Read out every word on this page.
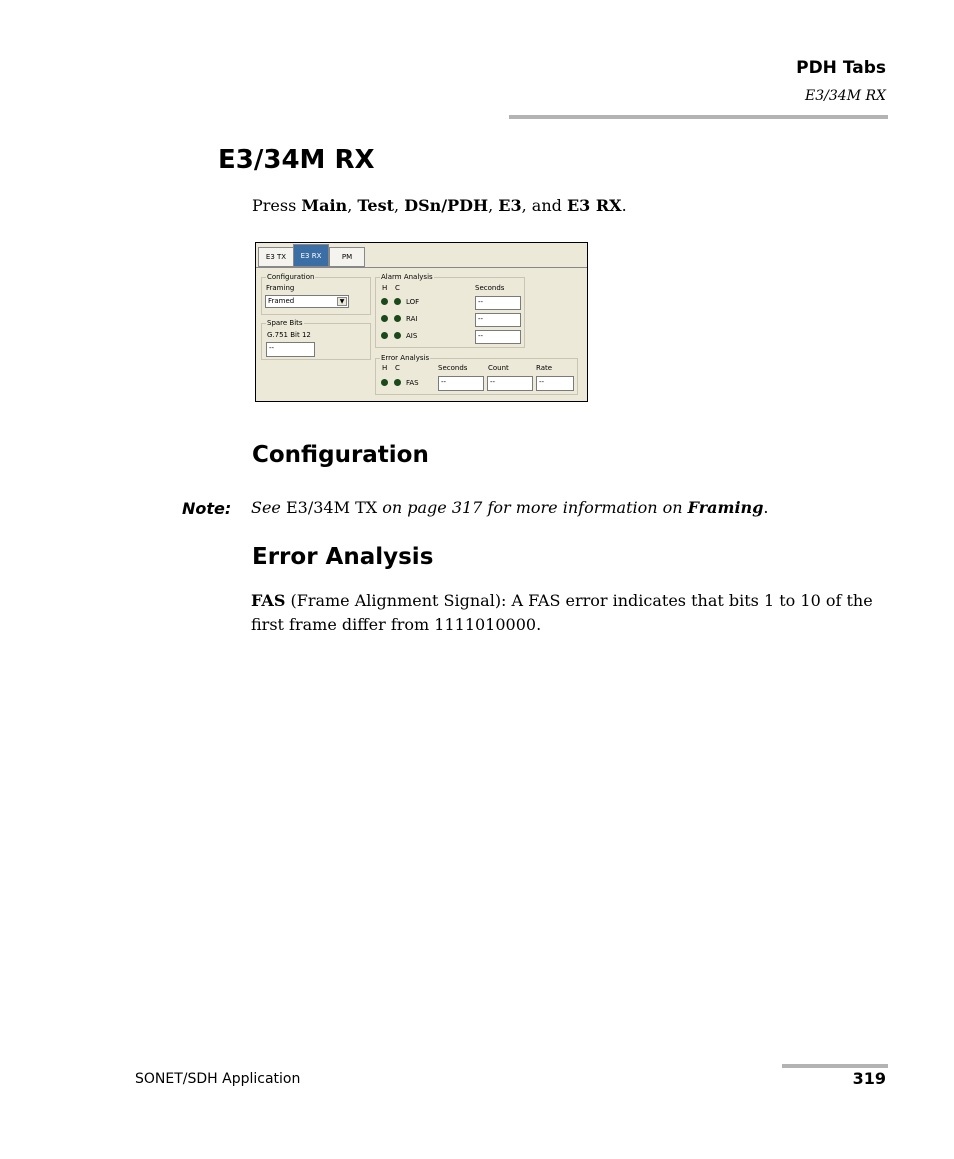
PDH Tabs
E3/34M RX
E3/34M RX
Press Main, Test, DSn/PDH, E3, and E3 RX.
E3 TX E3 RX	PM
Configuration
Framing
Framed	▼
Spare Bits
G.751 Bit 12
--
Alarm Analysis
H C	Seconds
LOF	--
RAI	--
AIS	--
Error Analysis
H C	Seconds	Count	Rate
FAS	--	--	--
Configuration
Note: See E3/34M TX on page 317 for more information on Framing.
Error Analysis
FAS (Frame Alignment Signal): A FAS error indicates that bits 1 to 10 of the first frame differ from 1111010000.
SONET/SDH Application	319
